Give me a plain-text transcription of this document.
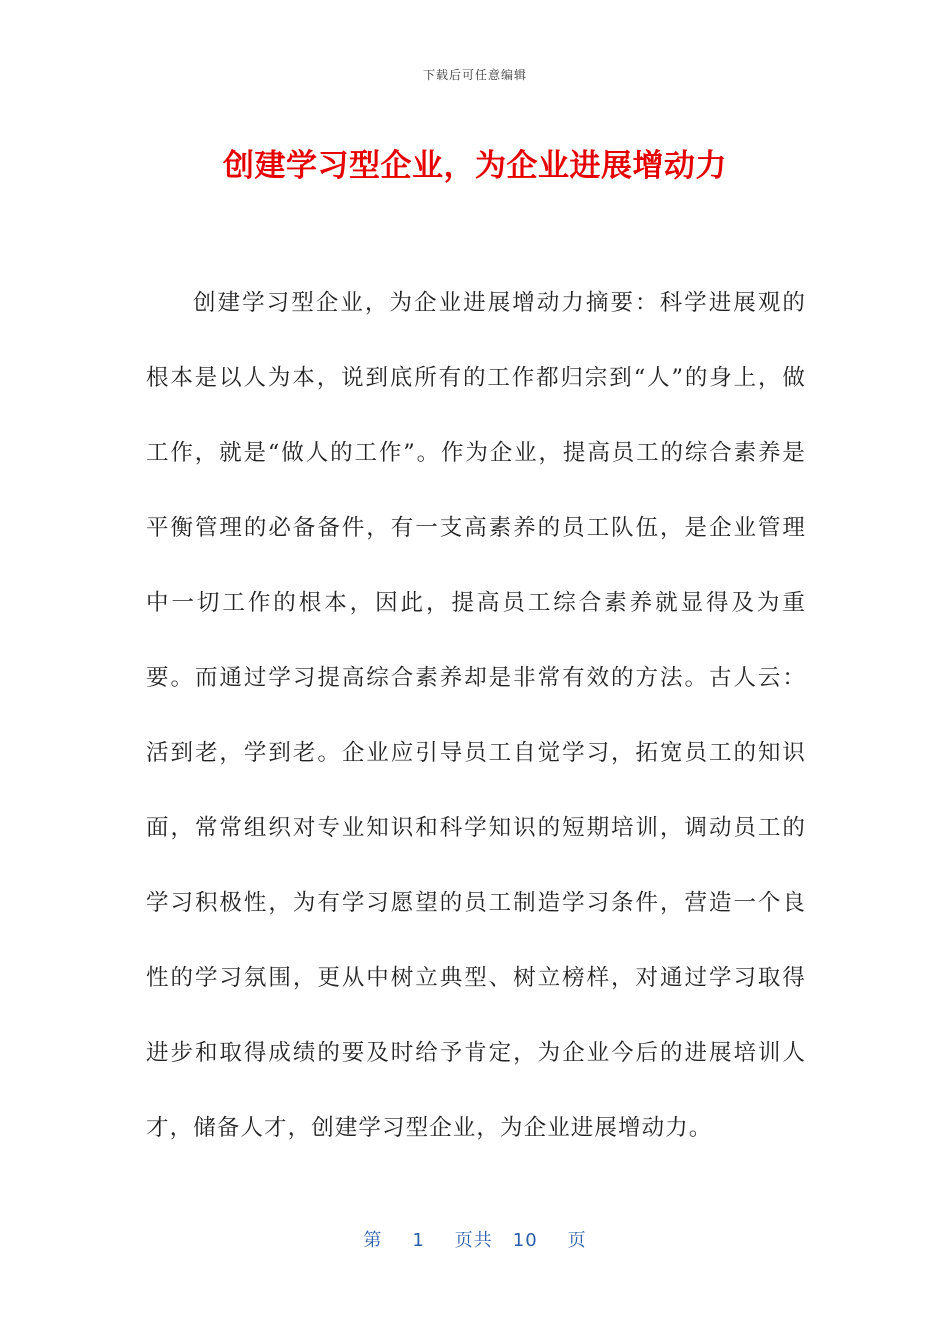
下载后可任意编辑
创建学习型企业，为企业进展增动力

创建学习型企业，为企业进展增动力摘要：科学进展观的根本是以人为本，说到底所有的工作都归宗到“人”的身上，做工作，就是“做人的工作”。作为企业，提高员工的综合素养是平衡管理的必备备件，有一支高素养的员工队伍，是企业管理中一切工作的根本，因此，提高员工综合素养就显得及为重要。而通过学习提高综合素养却是非常有效的方法。古人云：活到老，学到老。企业应引导员工自觉学习，拓宽员工的知识面，常常组织对专业知识和科学知识的短期培训，调动员工的学习积极性，为有学习愿望的员工制造学习条件，营造一个良性的学习氛围，更从中树立典型、树立榜样，对通过学习取得进步和取得成绩的要及时给予肯定，为企业今后的进展培训人才，储备人才，创建学习型企业，为企业进展增动力。

第 1 页共 10 页
